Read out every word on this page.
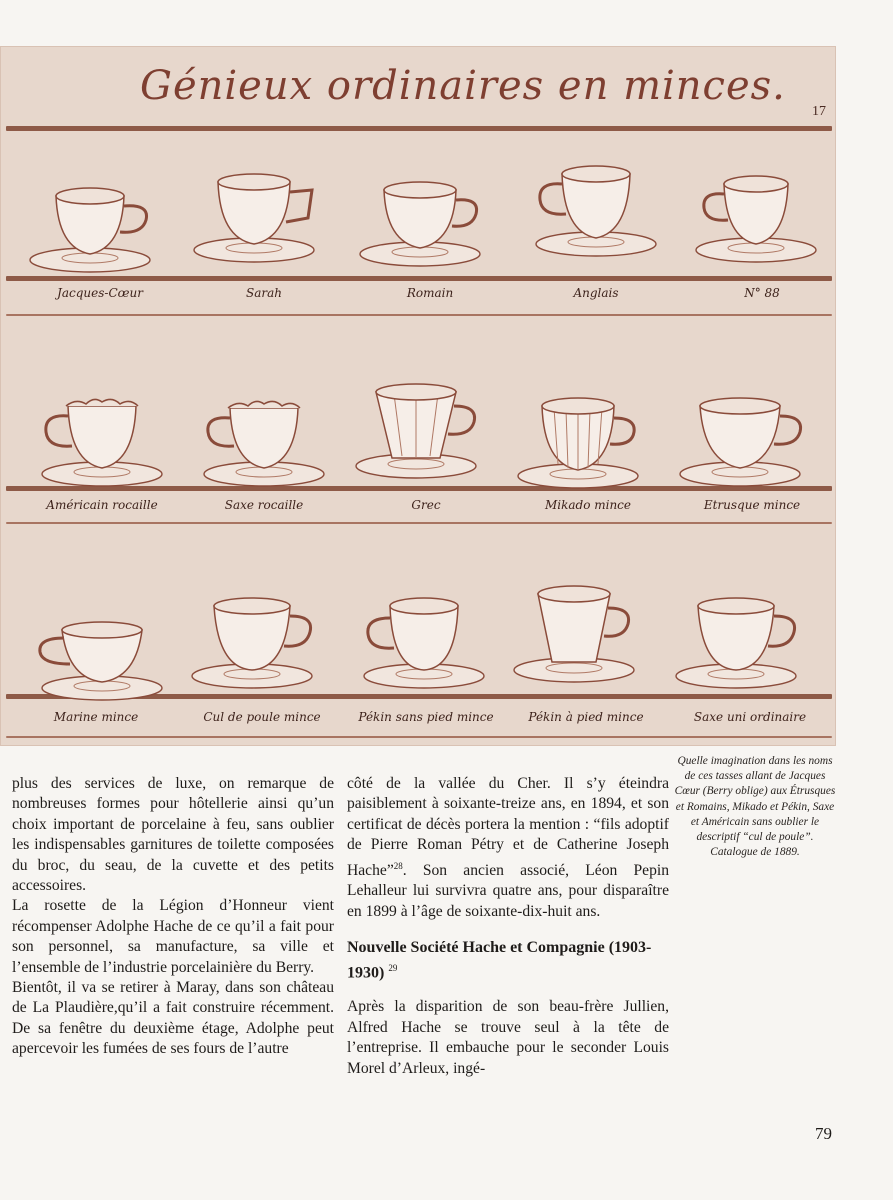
Génieux ordinaires en minces.
17
Jacques-Cœur	Sarah	Romain	Anglais	N° 88
Américain rocaille	Saxe rocaille	Grec	Mikado mince	Etrusque mince
Marine mince	Cul de poule mince	Pékin sans pied mince	Pékin à pied mince	Saxe uni ordinaire
Quelle imagination dans les noms de ces tasses allant de Jacques Cœur (Berry oblige) aux Étrusques et Romains, Mikado et Pékin, Saxe et Américain sans oublier le descriptif “cul de poule”. Catalogue de 1889.

plus des services de luxe, on remarque de nombreuses formes pour hôtellerie ainsi qu’un choix important de porcelaine à feu, sans oublier les indispensables garnitures de toilette composées du broc, du seau, de la cuvette et des petits accessoires.

La rosette de la Légion d’Honneur vient récompenser Adolphe Hache de ce qu’il a fait pour son personnel, sa manufacture, sa ville et l’ensemble de l’industrie porcelainière du Berry.

Bientôt, il va se retirer à Maray, dans son château de La Plaudière,qu’il a fait construire récemment. De sa fenêtre du deuxième étage, Adolphe peut apercevoir les fumées de ses fours de l’autre

côté de la vallée du Cher. Il s’y éteindra paisiblement à soixante-treize ans, en 1894, et son certificat de décès portera la mention : “fils adoptif de Pierre Roman Pétry et de Catherine Joseph Hache”$^{28}$. Son ancien associé, Léon Pepin Lehalleur lui survivra quatre ans, pour disparaître en 1899 à l’âge de soixante-dix-huit ans.

Nouvelle Société Hache et Compagnie (1903-1930) $^{29}$

Après la disparition de son beau-frère Jullien, Alfred Hache se trouve seul à la tête de l’entreprise. Il embauche pour le seconder Louis Morel d’Arleux, ingé-

79
